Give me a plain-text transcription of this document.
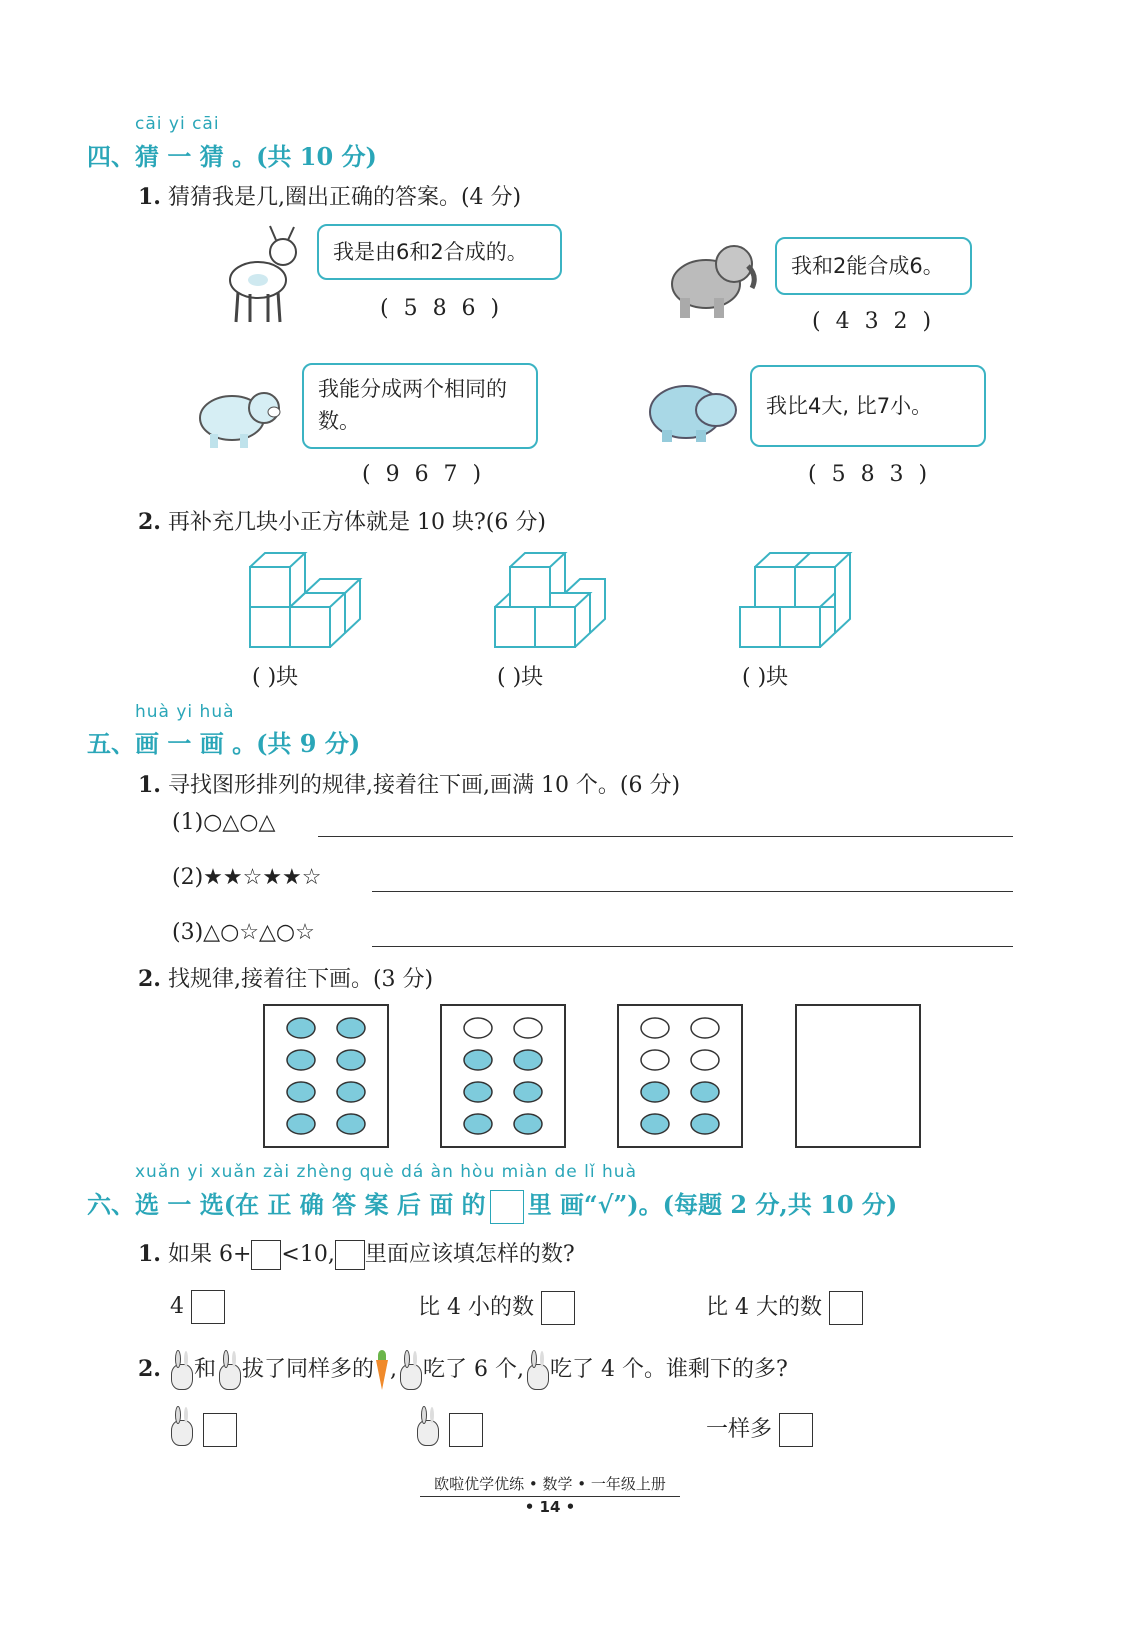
cāi yi cāi
四、猜 一 猜 。(共 10 分)
1. 猜猜我是几,圈出正确的答案。(4 分)
我是由6和2合成的。
( 5 8 6 )
我和2能合成6。
( 4 3 2 )
我能分成两个相同的数。
( 9 6 7 )
我比4大, 比7小。
( 5 8 3 )
2. 再补充几块小正方体就是 10 块?(6 分)
( )块	( )块	( )块
huà yi huà
五、画 一 画 。(共 9 分)
1. 寻找图形排列的规律,接着往下画,画满 10 个。(6 分)
(1)○△○△
(2)★★☆★★☆
(3)△○☆△○☆
2. 找规律,接着往下画。(3 分)
xuǎn yi xuǎn zài zhèng què dá àn hòu miàn de lǐ huà
六、选 一 选(在 正 确 答 案 后 面 的 里 画“√”)。(每题 2 分,共 10 分)
1. 如果 6+ <10, 里面应该填怎样的数?
4	比 4 小的数	比 4 大的数
2. 和 拔了同样多的 , 吃了 6 个, 吃了 4 个。谁剩下的多?

一样多
欧啦优学优练 • 数学 • 一年级上册
• 14 •
